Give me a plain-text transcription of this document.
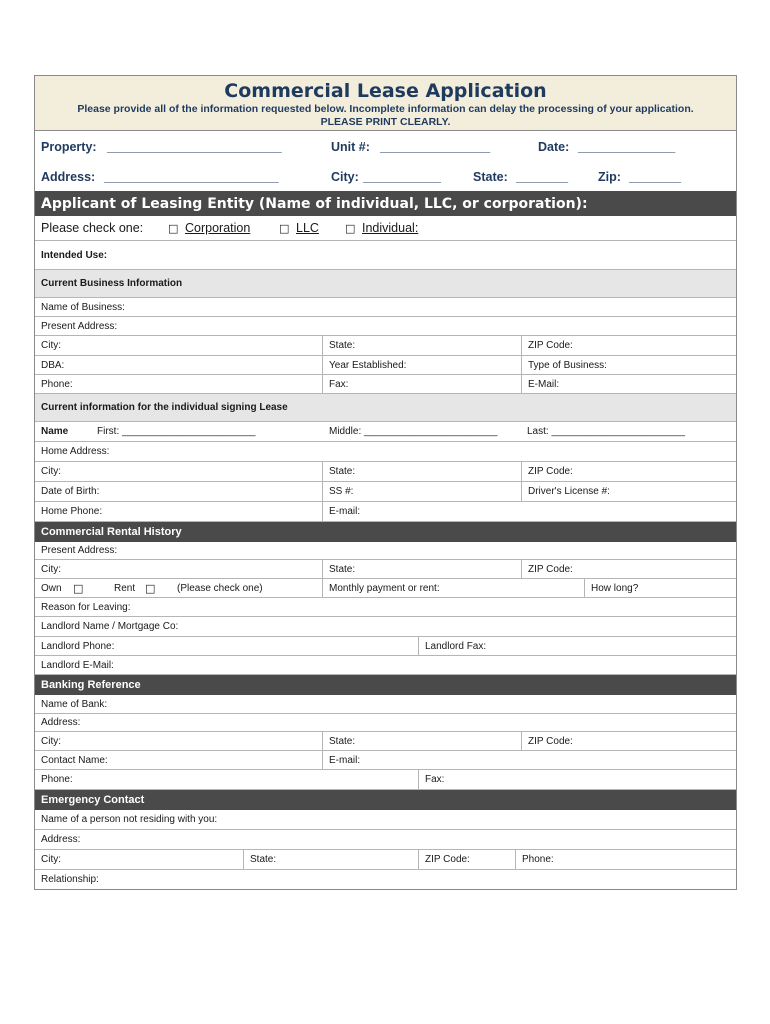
Commercial Lease Application
Please provide all of the information requested below. Incomplete information can delay the processing of your application. PLEASE PRINT CLEARLY.
Property: ___________________________	Unit #: _________________	Date: _______________
Address: ___________________________	City: ____________	State: ________ Zip: ________
Applicant of Leasing Entity (Name of individual, LLC, or corporation):
Please check one: □ Corporation	□ LLC □ Individual:
Intended Use:
Current Business Information
Name of Business:
Present Address:
City:	State:	ZIP Code:
DBA:	Year Established:	Type of Business:
Phone:	Fax:	E-Mail:
Current information for the individual signing Lease
Name	First: ________________________	Middle: ________________________	Last: ________________________
Home Address:
City:	State:	ZIP Code:
Date of Birth:	SS #:	Driver's License #:
Home Phone:	E-mail:
Commercial Rental History
Present Address:
City:	State:	ZIP Code:
Own □	Rent □ (Please check one)	Monthly payment or rent:	How long?
Reason for Leaving:
Landlord Name / Mortgage Co:
Landlord Phone:	Landlord Fax:
Landlord E-Mail:
Banking Reference
Name of Bank:
Address:
City:	State:	ZIP Code:
Contact Name:	E-mail:
Phone:	Fax:
Emergency Contact
Name of a person not residing with you:
Address:
City:	State:	ZIP Code:	Phone:
Relationship:
